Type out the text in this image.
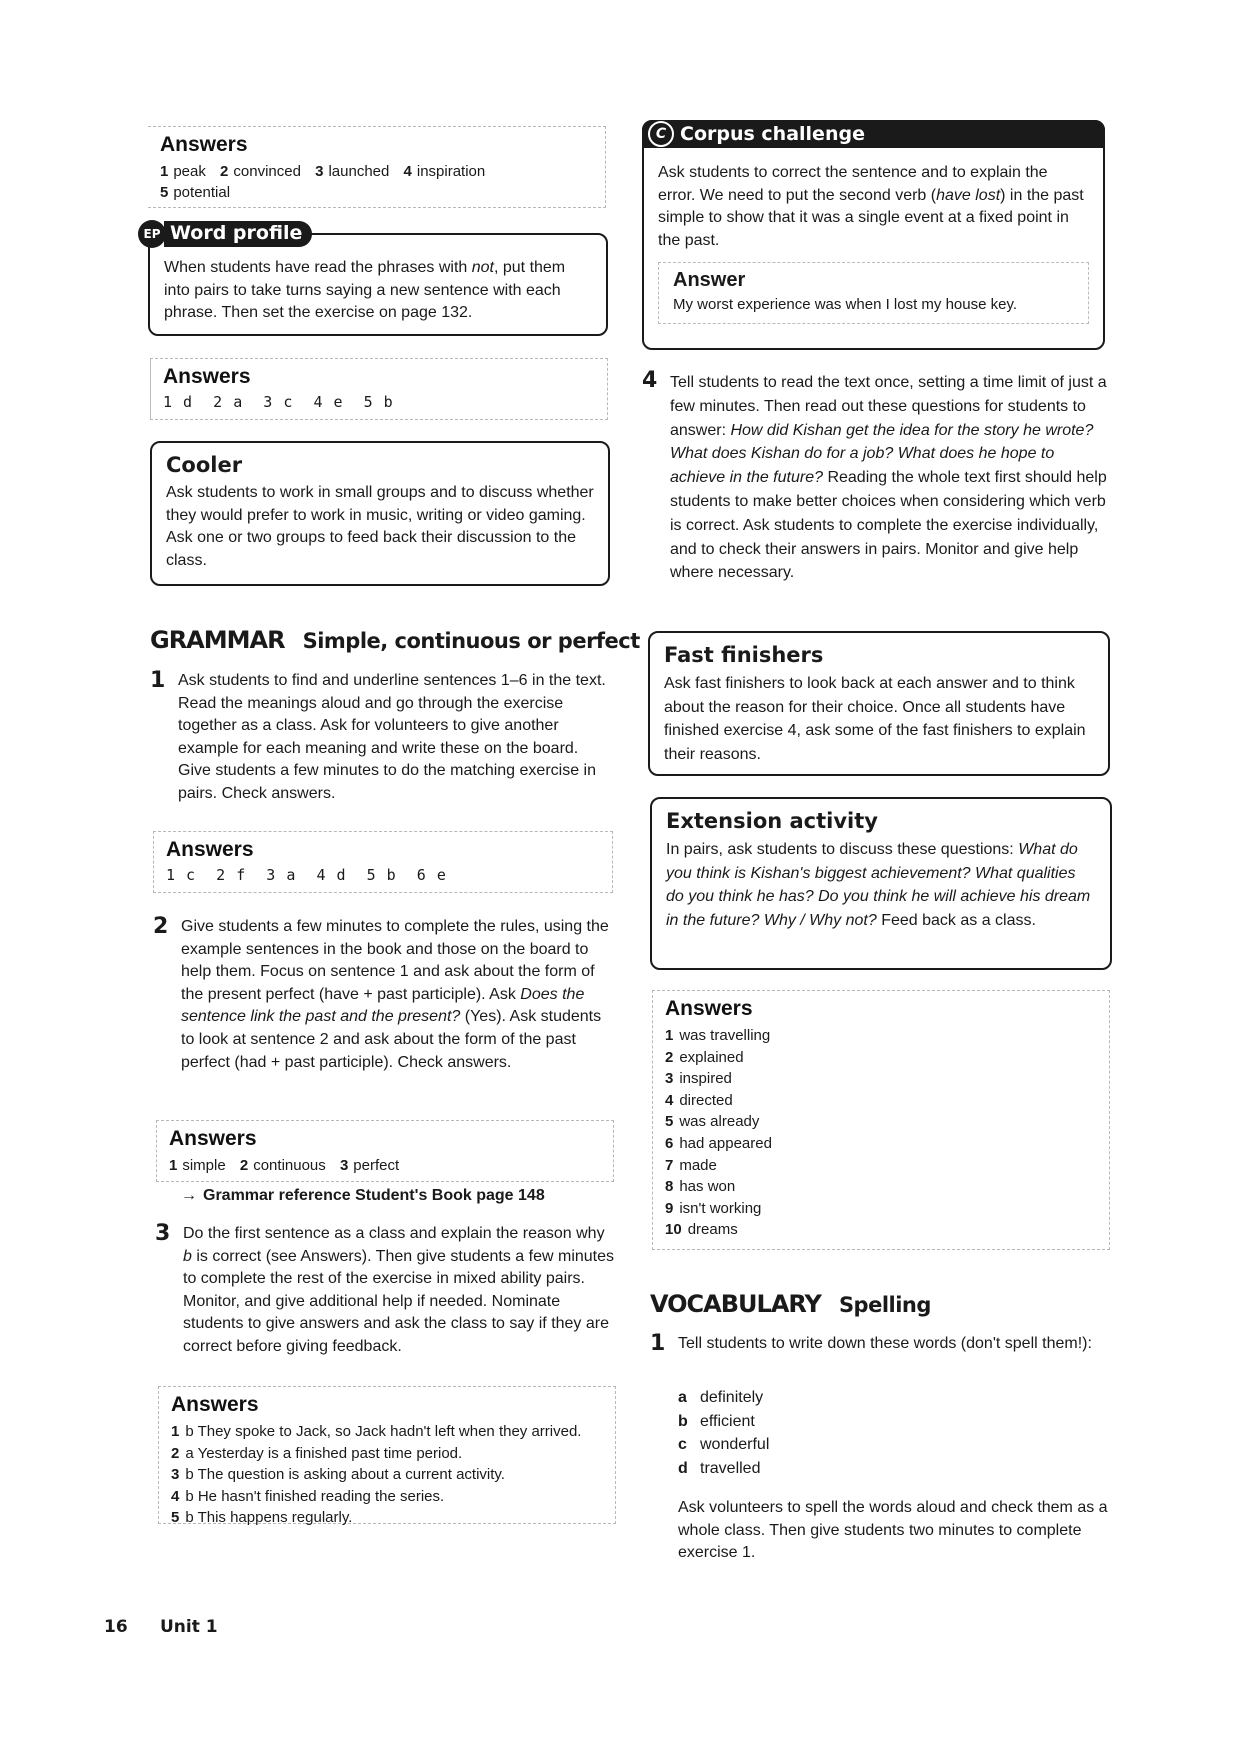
Answers
1 peak 2 convinced 3 launched 4 inspiration
5 potential

When students have read the phrases with not, put them into pairs to take turns saying a new sentence with each phrase. Then set the exercise on page 132.

EP Word profile
Answers
1 d  2 a  3 c  4 e  5 b
Cooler

Ask students to work in small groups and to discuss whether they would prefer to work in music, writing or video gaming. Ask one or two groups to feed back their discussion to the class.

GRAMMAR Simple, continuous or perfect
1 Ask students to find and underline sentences 1–6 in the text. Read the meanings aloud and go through the exercise together as a class. Ask for volunteers to give another example for each meaning and write these on the board. Give students a few minutes to do the matching exercise in pairs. Check answers.

Answers
1 c  2 f  3 a  4 d  5 b  6 e
2 Give students a few minutes to complete the rules, using the example sentences in the book and those on the board to help them. Focus on sentence 1 and ask about the form of the present perfect (have + past participle). Ask Does the sentence link the past and the present? (Yes). Ask students to look at sentence 2 and ask about the form of the past perfect (had + past participle). Check answers.

Answers
1 simple 2 continuous 3 perfect
→ Grammar reference Student's Book page 148
3 Do the first sentence as a class and explain the reason why b is correct (see Answers). Then give students a few minutes to complete the rest of the exercise in mixed ability pairs. Monitor, and give additional help if needed. Nominate students to give answers and ask the class to say if they are correct before giving feedback.

Answers
1 b They spoke to Jack, so Jack hadn't left when they arrived.
2 a Yesterday is a finished past time period.
3 b The question is asking about a current activity.
4 b He hasn't finished reading the series.
5 b This happens regularly.
16 Unit 1

Ask students to correct the sentence and to explain the error. We need to put the second verb (have lost) in the past simple to show that it was a single event at a fixed point in the past.

Answer
My worst experience was when I lost my house key.
C Corpus challenge
4 Tell students to read the text once, setting a time limit of just a few minutes. Then read out these questions for students to answer: How did Kishan get the idea for the story he wrote? What does Kishan do for a job? What does he hope to achieve in the future? Reading the whole text first should help students to make better choices when considering which verb is correct. Ask students to complete the exercise individually, and to check their answers in pairs. Monitor and give help where necessary.

Fast finishers

Ask fast finishers to look back at each answer and to think about the reason for their choice. Once all students have finished exercise 4, ask some of the fast finishers to explain their reasons.

Extension activity

In pairs, ask students to discuss these questions: What do you think is Kishan's biggest achievement? What qualities do you think he has? Do you think he will achieve his dream in the future? Why / Why not? Feed back as a class.

Answers
1 was travelling
2 explained
3 inspired
4 directed
5 was already
6 had appeared
7 made
8 has won
9 isn't working
10 dreams
VOCABULARY Spelling
1 Tell students to write down these words (don't spell them!):

a definitely
b efficient
c wonderful
d travelled

Ask volunteers to spell the words aloud and check them as a whole class. Then give students two minutes to complete exercise 1.
